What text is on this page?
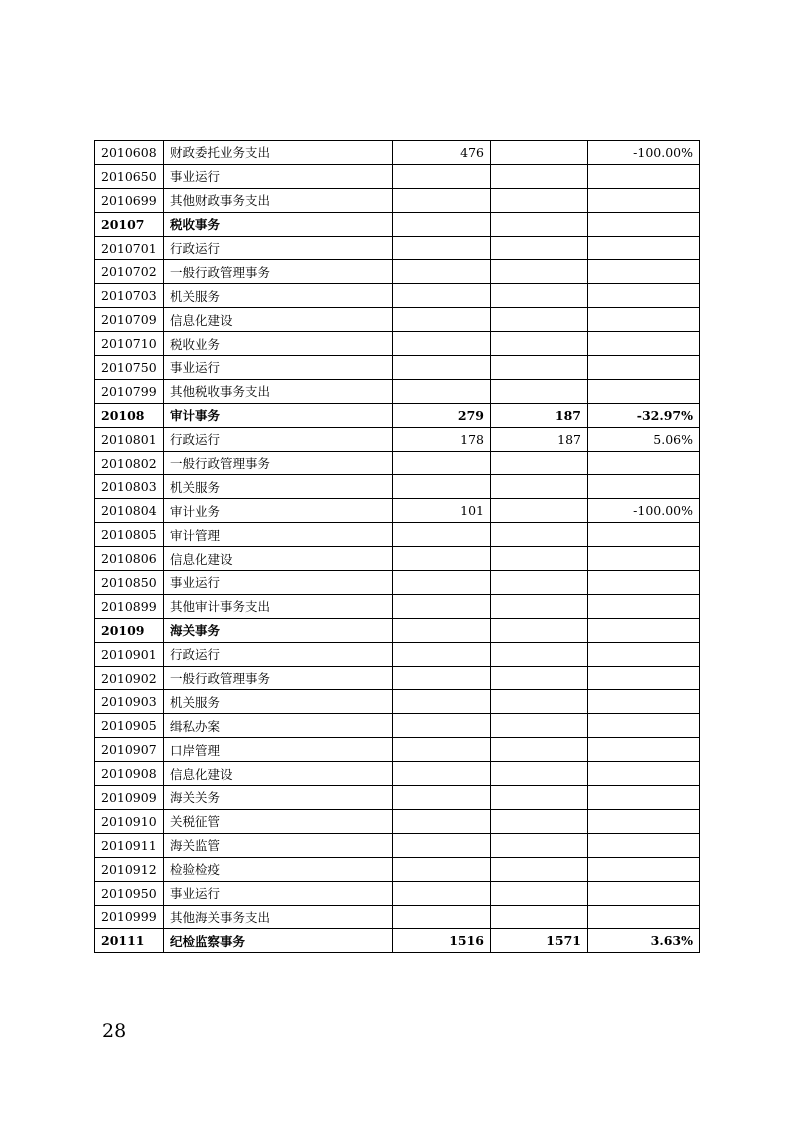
2010608	财政委托业务支出	476		-100.00%
2010650	事业运行			
2010699	其他财政事务支出			
20107	税收事务			
2010701	行政运行			
2010702	一般行政管理事务			
2010703	机关服务			
2010709	信息化建设			
2010710	税收业务			
2010750	事业运行			
2010799	其他税收事务支出			
20108	审计事务	279	187	-32.97%
2010801	行政运行	178	187	5.06%
2010802	一般行政管理事务			
2010803	机关服务			
2010804	审计业务	101		-100.00%
2010805	审计管理			
2010806	信息化建设			
2010850	事业运行			
2010899	其他审计事务支出			
20109	海关事务			
2010901	行政运行			
2010902	一般行政管理事务			
2010903	机关服务			
2010905	缉私办案			
2010907	口岸管理			
2010908	信息化建设			
2010909	海关关务			
2010910	关税征管			
2010911	海关监管			
2010912	检验检疫			
2010950	事业运行			
2010999	其他海关事务支出			
20111	纪检监察事务	1516	1571	3.63%
28
